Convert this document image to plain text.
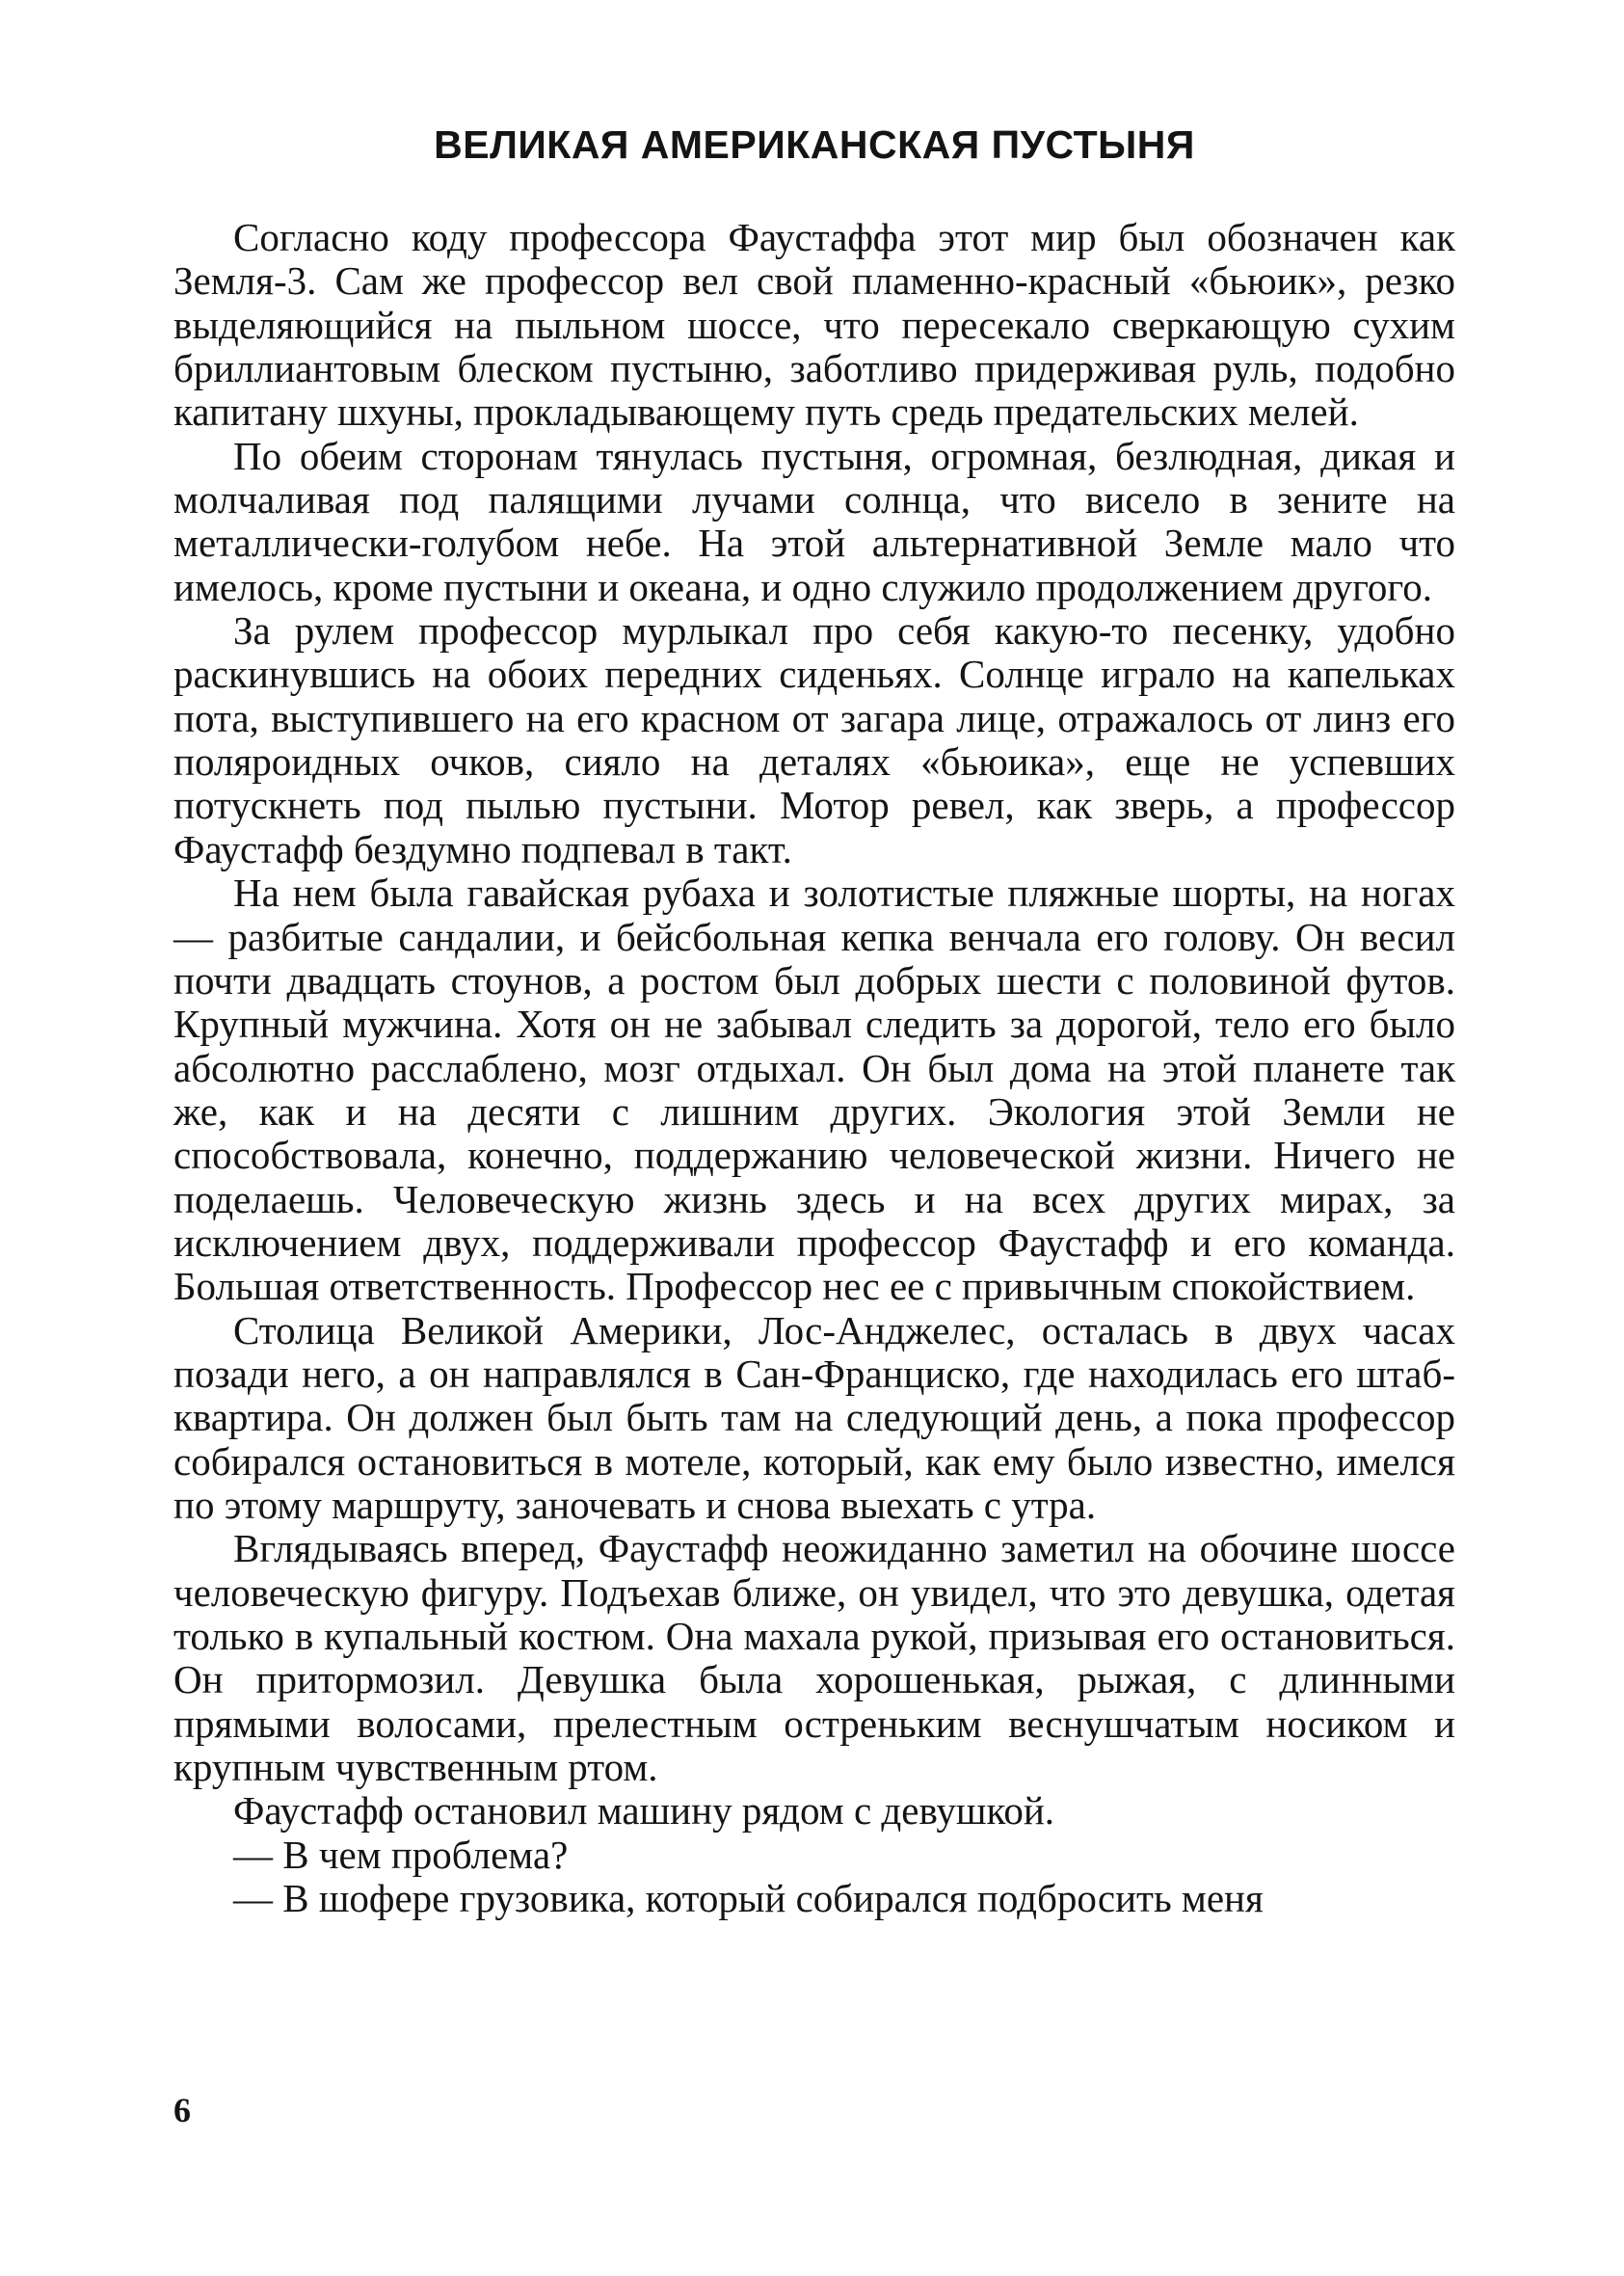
ВЕЛИКАЯ АМЕРИКАНСКАЯ ПУСТЫНЯ

Согласно коду профессора Фаустаффа этот мир был обозначен как Земля-3. Сам же профессор вел свой пламенно-красный «бьюик», резко выделяющийся на пыльном шоссе, что пересекало сверкающую сухим бриллиантовым блеском пустыню, заботливо придерживая руль, подобно капитану шхуны, прокладывающему путь средь предательских мелей.

По обеим сторонам тянулась пустыня, огромная, безлюдная, дикая и молчаливая под палящими лучами солнца, что висело в зените на металлически-голубом небе. На этой альтернативной Земле мало что имелось, кроме пустыни и океана, и одно служило продолжением другого.

За рулем профессор мурлыкал про себя какую-то песенку, удобно раскинувшись на обоих передних сиденьях. Солнце играло на капельках пота, выступившего на его красном от загара лице, отражалось от линз его поляроидных очков, сияло на деталях «бьюика», еще не успевших потускнеть под пылью пустыни. Мотор ревел, как зверь, а профессор Фаустафф бездумно подпевал в такт.

На нем была гавайская рубаха и золотистые пляжные шорты, на ногах — разбитые сандалии, и бейсбольная кепка венчала его голову. Он весил почти двадцать стоунов, а ростом был добрых шести с половиной футов. Крупный мужчина. Хотя он не забывал следить за дорогой, тело его было абсолютно расслаблено, мозг отдыхал. Он был дома на этой планете так же, как и на десяти с лишним других. Экология этой Земли не способствовала, конечно, поддержанию человеческой жизни. Ничего не поделаешь. Человеческую жизнь здесь и на всех других мирах, за исключением двух, поддерживали профессор Фаустафф и его команда. Большая ответственность. Профессор нес ее с привычным спокойствием.

Столица Великой Америки, Лос-Анджелес, осталась в двух часах позади него, а он направлялся в Сан-Франциско, где находилась его штаб-квартира. Он должен был быть там на следующий день, а пока профессор собирался остановиться в мотеле, который, как ему было известно, имелся по этому маршруту, заночевать и снова выехать с утра.

Вглядываясь вперед, Фаустафф неожиданно заметил на обочине шоссе человеческую фигуру. Подъехав ближе, он увидел, что это девушка, одетая только в купальный костюм. Она махала рукой, призывая его остановиться. Он притормозил. Девушка была хорошенькая, рыжая, с длинными прямыми волосами, прелестным остреньким веснушчатым носиком и крупным чувственным ртом.

Фаустафф остановил машину рядом с девушкой.

— В чем проблема?

— В шофере грузовика, который собирался подбросить меня

6
